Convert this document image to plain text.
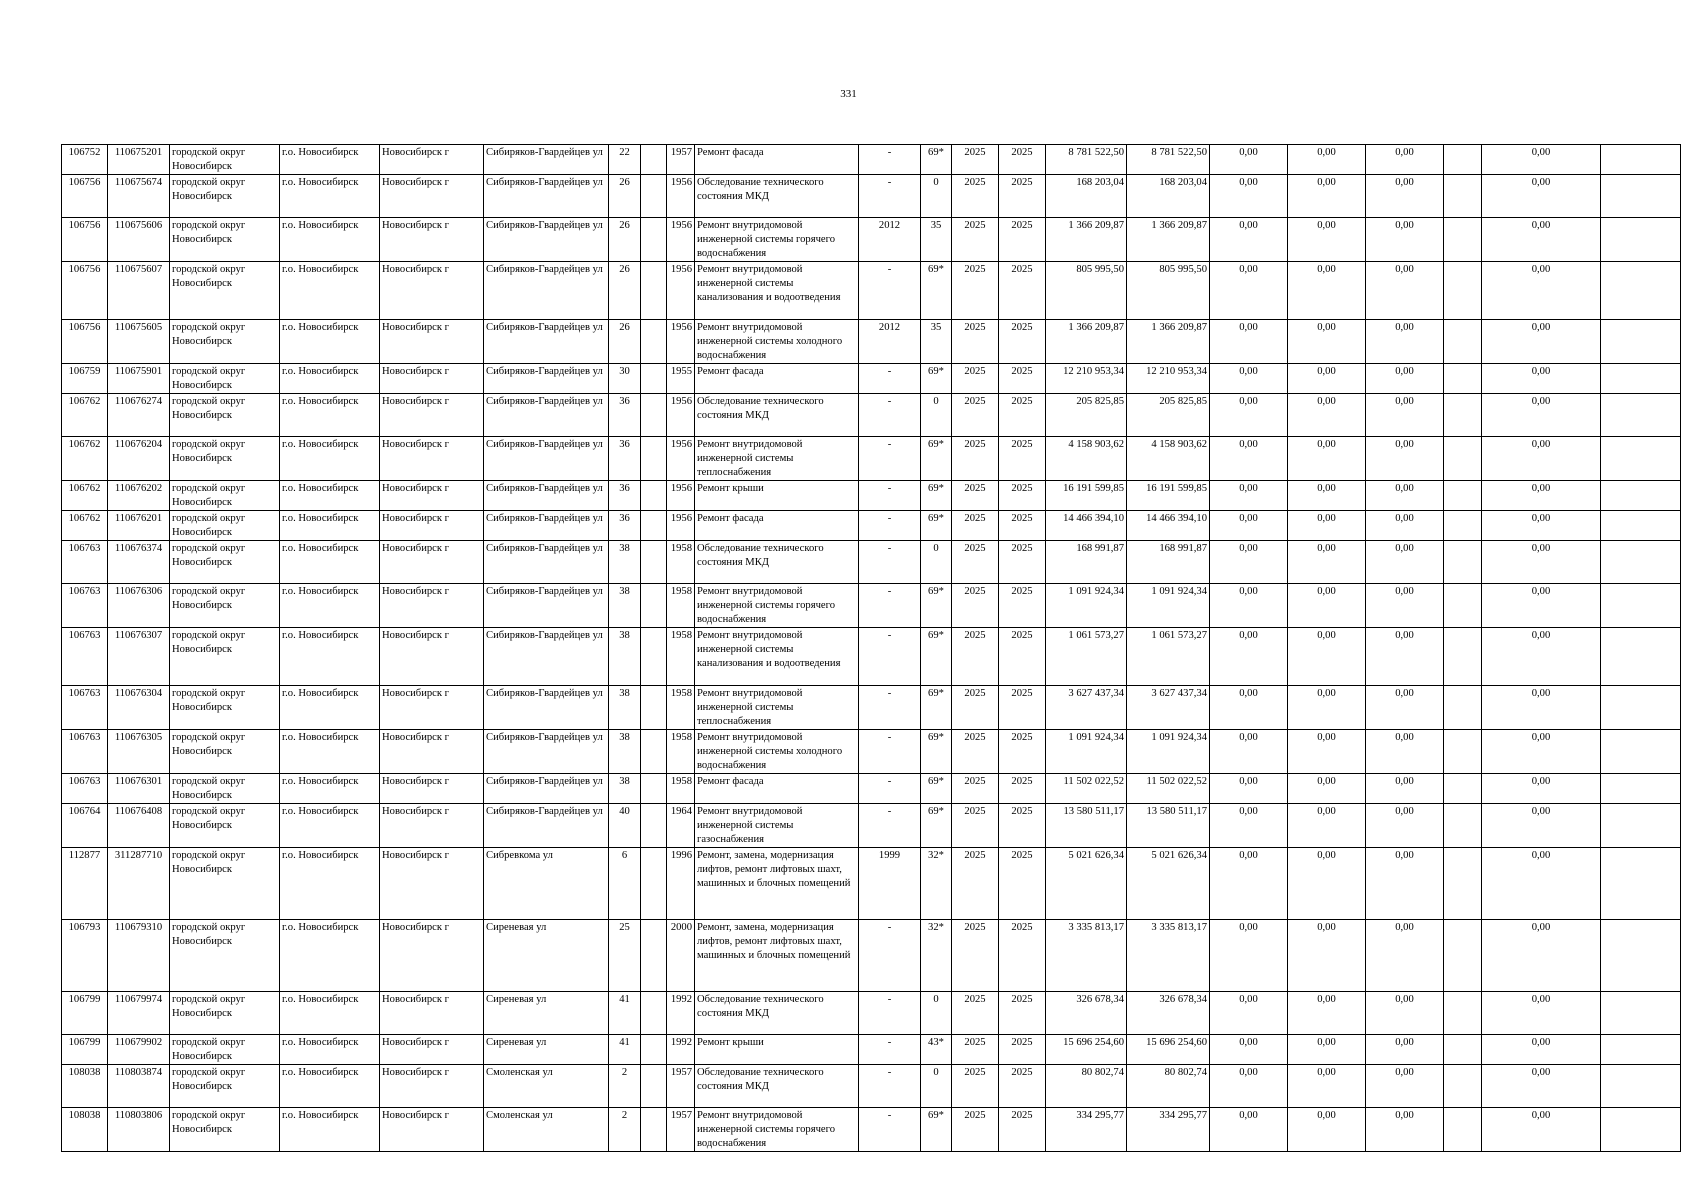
331
106752	110675201	городской округ Новосибирск	г.о. Новосибирск	Новосибирск г	Сибиряков-Гвардейцев ул	22		1957	Ремонт фасада	-	69*	2025	2025	8 781 522,50	8 781 522,50	0,00	0,00	0,00		0,00	
106756	110675674	городской округ Новосибирск	г.о. Новосибирск	Новосибирск г	Сибиряков-Гвардейцев ул	26		1956	Обследование технического состояния МКД	-	0	2025	2025	168 203,04	168 203,04	0,00	0,00	0,00		0,00	
106756	110675606	городской округ Новосибирск	г.о. Новосибирск	Новосибирск г	Сибиряков-Гвардейцев ул	26		1956	Ремонт внутридомовой инженерной системы горячего водоснабжения	2012	35	2025	2025	1 366 209,87	1 366 209,87	0,00	0,00	0,00		0,00	
106756	110675607	городской округ Новосибирск	г.о. Новосибирск	Новосибирск г	Сибиряков-Гвардейцев ул	26		1956	Ремонт внутридомовой инженерной системы канализования и водоотведения	-	69*	2025	2025	805 995,50	805 995,50	0,00	0,00	0,00		0,00	
106756	110675605	городской округ Новосибирск	г.о. Новосибирск	Новосибирск г	Сибиряков-Гвардейцев ул	26		1956	Ремонт внутридомовой инженерной системы холодного водоснабжения	2012	35	2025	2025	1 366 209,87	1 366 209,87	0,00	0,00	0,00		0,00	
106759	110675901	городской округ Новосибирск	г.о. Новосибирск	Новосибирск г	Сибиряков-Гвардейцев ул	30		1955	Ремонт фасада	-	69*	2025	2025	12 210 953,34	12 210 953,34	0,00	0,00	0,00		0,00	
106762	110676274	городской округ Новосибирск	г.о. Новосибирск	Новосибирск г	Сибиряков-Гвардейцев ул	36		1956	Обследование технического состояния МКД	-	0	2025	2025	205 825,85	205 825,85	0,00	0,00	0,00		0,00	
106762	110676204	городской округ Новосибирск	г.о. Новосибирск	Новосибирск г	Сибиряков-Гвардейцев ул	36		1956	Ремонт внутридомовой инженерной системы теплоснабжения	-	69*	2025	2025	4 158 903,62	4 158 903,62	0,00	0,00	0,00		0,00	
106762	110676202	городской округ Новосибирск	г.о. Новосибирск	Новосибирск г	Сибиряков-Гвардейцев ул	36		1956	Ремонт крыши	-	69*	2025	2025	16 191 599,85	16 191 599,85	0,00	0,00	0,00		0,00	
106762	110676201	городской округ Новосибирск	г.о. Новосибирск	Новосибирск г	Сибиряков-Гвардейцев ул	36		1956	Ремонт фасада	-	69*	2025	2025	14 466 394,10	14 466 394,10	0,00	0,00	0,00		0,00	
106763	110676374	городской округ Новосибирск	г.о. Новосибирск	Новосибирск г	Сибиряков-Гвардейцев ул	38		1958	Обследование технического состояния МКД	-	0	2025	2025	168 991,87	168 991,87	0,00	0,00	0,00		0,00	
106763	110676306	городской округ Новосибирск	г.о. Новосибирск	Новосибирск г	Сибиряков-Гвардейцев ул	38		1958	Ремонт внутридомовой инженерной системы горячего водоснабжения	-	69*	2025	2025	1 091 924,34	1 091 924,34	0,00	0,00	0,00		0,00	
106763	110676307	городской округ Новосибирск	г.о. Новосибирск	Новосибирск г	Сибиряков-Гвардейцев ул	38		1958	Ремонт внутридомовой инженерной системы канализования и водоотведения	-	69*	2025	2025	1 061 573,27	1 061 573,27	0,00	0,00	0,00		0,00	
106763	110676304	городской округ Новосибирск	г.о. Новосибирск	Новосибирск г	Сибиряков-Гвардейцев ул	38		1958	Ремонт внутридомовой инженерной системы теплоснабжения	-	69*	2025	2025	3 627 437,34	3 627 437,34	0,00	0,00	0,00		0,00	
106763	110676305	городской округ Новосибирск	г.о. Новосибирск	Новосибирск г	Сибиряков-Гвардейцев ул	38		1958	Ремонт внутридомовой инженерной системы холодного водоснабжения	-	69*	2025	2025	1 091 924,34	1 091 924,34	0,00	0,00	0,00		0,00	
106763	110676301	городской округ Новосибирск	г.о. Новосибирск	Новосибирск г	Сибиряков-Гвардейцев ул	38		1958	Ремонт фасада	-	69*	2025	2025	11 502 022,52	11 502 022,52	0,00	0,00	0,00		0,00	
106764	110676408	городской округ Новосибирск	г.о. Новосибирск	Новосибирск г	Сибиряков-Гвардейцев ул	40		1964	Ремонт внутридомовой инженерной системы газоснабжения	-	69*	2025	2025	13 580 511,17	13 580 511,17	0,00	0,00	0,00		0,00	
112877	311287710	городской округ Новосибирск	г.о. Новосибирск	Новосибирск г	Сибревкома ул	6		1996	Ремонт, замена, модернизация лифтов, ремонт лифтовых шахт, машинных и блочных помещений	1999	32*	2025	2025	5 021 626,34	5 021 626,34	0,00	0,00	0,00		0,00	
106793	110679310	городской округ Новосибирск	г.о. Новосибирск	Новосибирск г	Сиреневая ул	25		2000	Ремонт, замена, модернизация лифтов, ремонт лифтовых шахт, машинных и блочных помещений	-	32*	2025	2025	3 335 813,17	3 335 813,17	0,00	0,00	0,00		0,00	
106799	110679974	городской округ Новосибирск	г.о. Новосибирск	Новосибирск г	Сиреневая ул	41		1992	Обследование технического состояния МКД	-	0	2025	2025	326 678,34	326 678,34	0,00	0,00	0,00		0,00	
106799	110679902	городской округ Новосибирск	г.о. Новосибирск	Новосибирск г	Сиреневая ул	41		1992	Ремонт крыши	-	43*	2025	2025	15 696 254,60	15 696 254,60	0,00	0,00	0,00		0,00	
108038	110803874	городской округ Новосибирск	г.о. Новосибирск	Новосибирск г	Смоленская ул	2		1957	Обследование технического состояния МКД	-	0	2025	2025	80 802,74	80 802,74	0,00	0,00	0,00		0,00	
108038	110803806	городской округ Новосибирск	г.о. Новосибирск	Новосибирск г	Смоленская ул	2		1957	Ремонт внутридомовой инженерной системы горячего водоснабжения	-	69*	2025	2025	334 295,77	334 295,77	0,00	0,00	0,00		0,00	
